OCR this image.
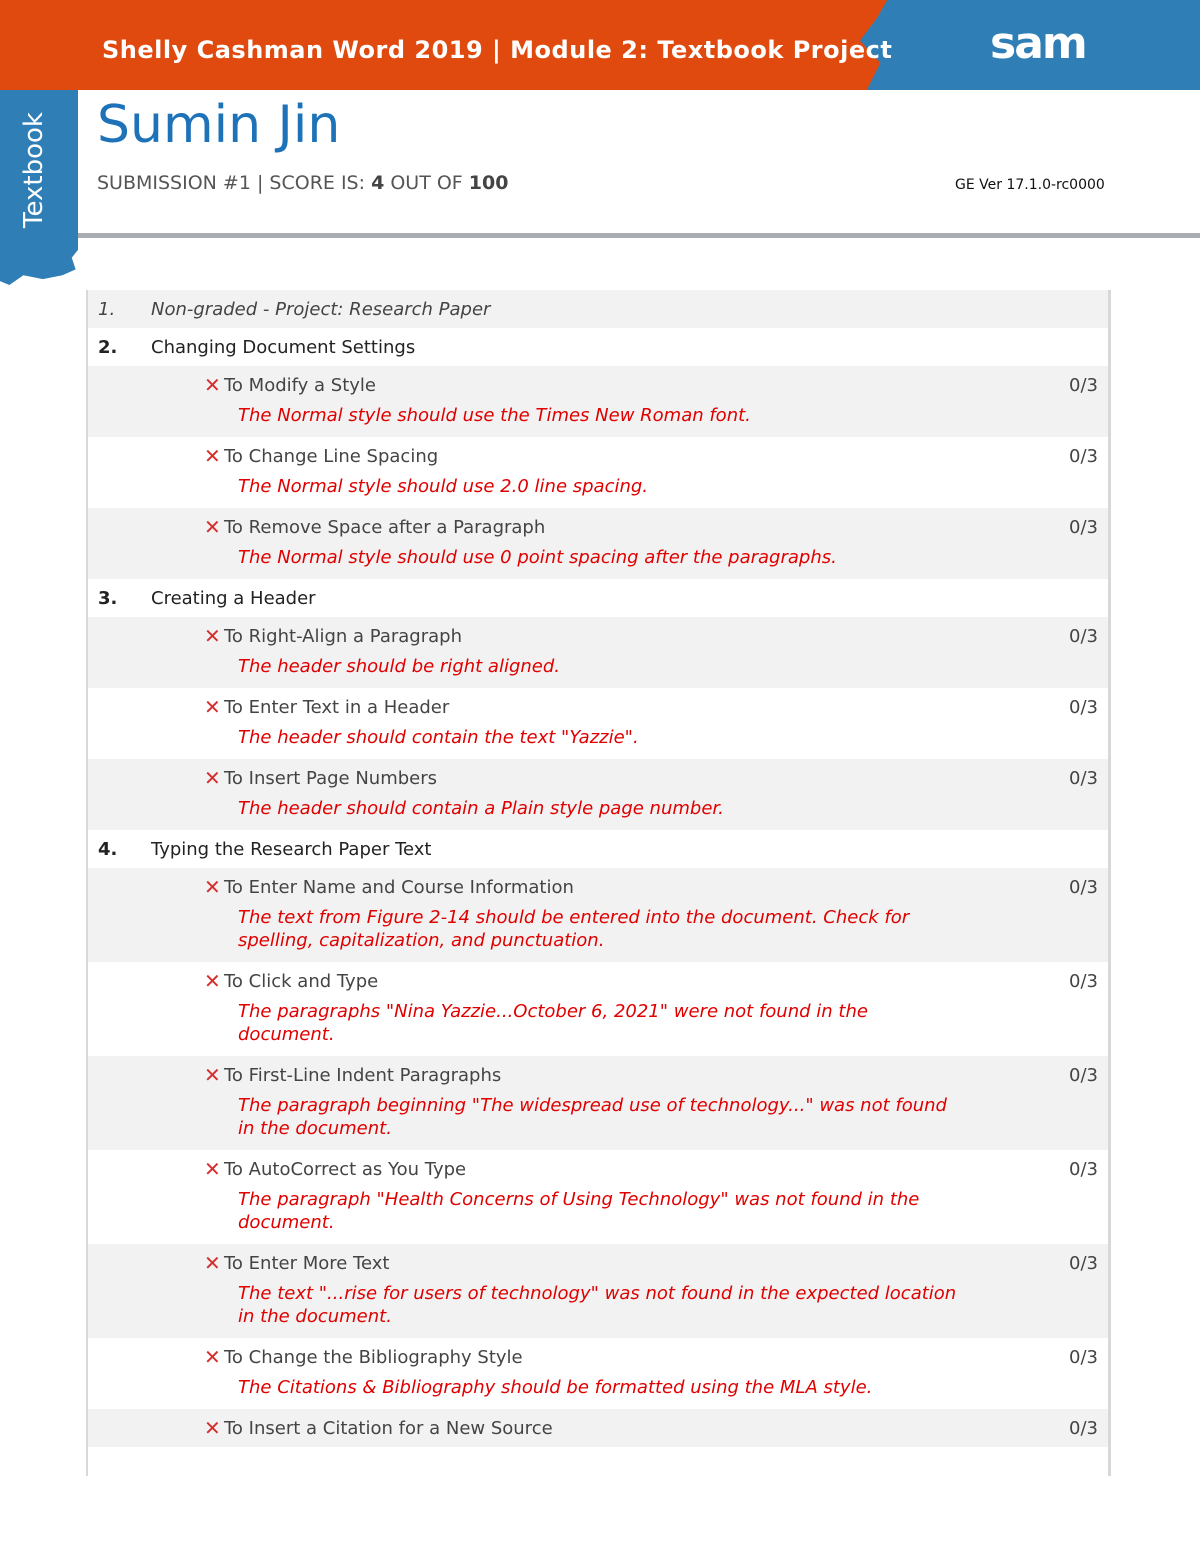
Shelly Cashman Word 2019 | Module 2: Textbook Project sam
Textbook Sumin Jin
SUBMISSION #1 | SCORE IS: 4 OUT OF 100	GE Ver 17.1.0-rc0000
1. Non-graded - Project: Research Paper
2. Changing Document Settings
✕ To Modify a Style	0/3
The Normal style should use the Times New Roman font.
✕ To Change Line Spacing	0/3
The Normal style should use 2.0 line spacing.
✕ To Remove Space after a Paragraph	0/3
The Normal style should use 0 point spacing after the paragraphs.
3. Creating a Header
✕ To Right-Align a Paragraph	0/3
The header should be right aligned.
✕ To Enter Text in a Header	0/3
The header should contain the text "Yazzie".
✕ To Insert Page Numbers	0/3
The header should contain a Plain style page number.
4. Typing the Research Paper Text
✕ To Enter Name and Course Information	0/3
The text from Figure 2-14 should be entered into the document. Check for spelling, capitalization, and punctuation.
✕ To Click and Type	0/3
The paragraphs "Nina Yazzie...October 6, 2021" were not found in the document.
✕ To First-Line Indent Paragraphs	0/3
The paragraph beginning "The widespread use of technology..." was not found in the document.
✕ To AutoCorrect as You Type	0/3
The paragraph "Health Concerns of Using Technology" was not found in the document.
✕ To Enter More Text	0/3
The text "...rise for users of technology" was not found in the expected location in the document.
✕ To Change the Bibliography Style	0/3
The Citations & Bibliography should be formatted using the MLA style.
✕ To Insert a Citation for a New Source	0/3
